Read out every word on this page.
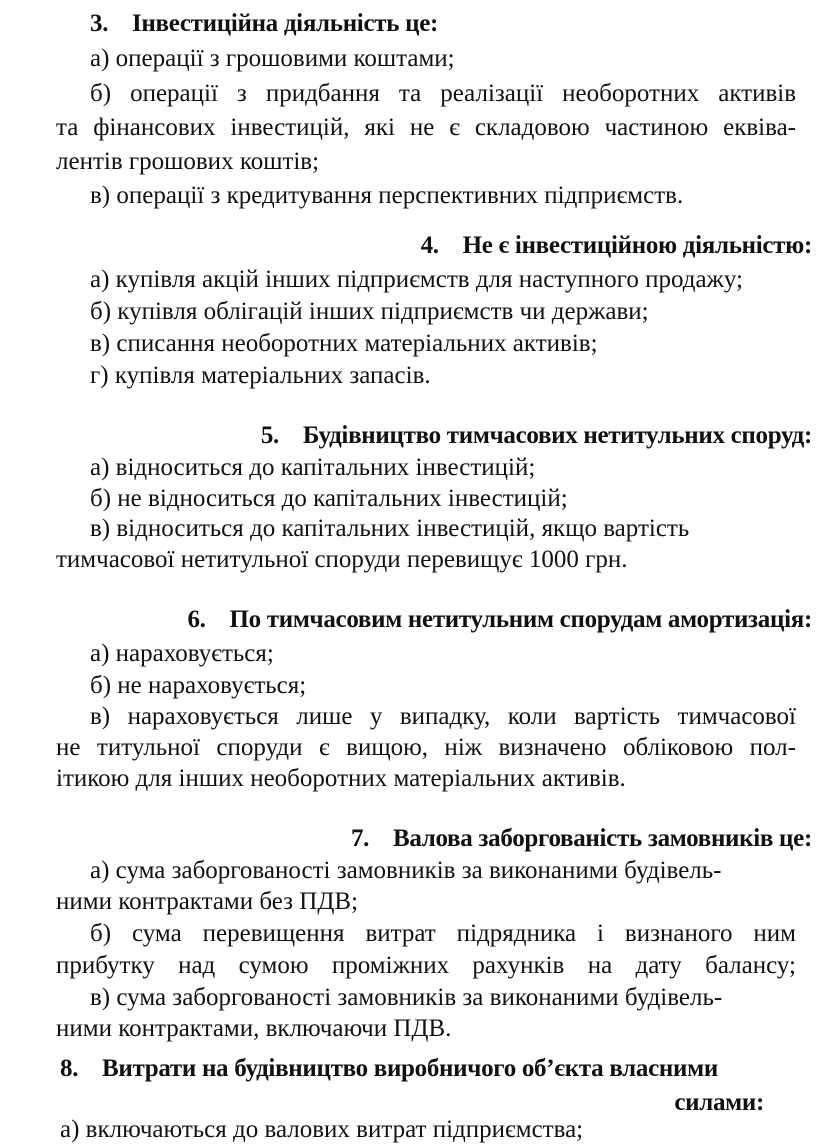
3. Інвестиційна діяльність це:
а) операції з грошовими коштами;
б) операції з придбання та реалізації необоротних активів
та фінансових інвестицій, які не є складовою частиною еквіва-
лентів грошових коштів;
в) операції з кредитування перспективних підприємств.
4. Не є інвестиційною діяльністю:
а) купівля акцій інших підприємств для наступного продажу;
б) купівля облігацій інших підприємств чи держави;
в) списання необоротних матеріальних активів;
г) купівля матеріальних запасів.
5. Будівництво тимчасових нетитульних споруд:
а) відноситься до капітальних інвестицій;
б) не відноситься до капітальних інвестицій;
в) відноситься до капітальних інвестицій, якщо вартість
тимчасової нетитульної споруди перевищує 1000 грн.
6. По тимчасовим нетитульним спорудам амортизація:
а) нараховується;
б) не нараховується;
в) нараховується лише у випадку, коли вартість тимчасової
не титульної споруди є вищою, ніж визначено обліковою пол-
ітикою для інших необоротних матеріальних активів.
7. Валова заборгованість замовників це:
а) сума заборгованості замовників за виконаними будівель-
ними контрактами без ПДВ;
б) сума перевищення витрат підрядника і визнаного ним
прибутку над сумою проміжних рахунків на дату балансу;
в) сума заборгованості замовників за виконаними будівель-
ними контрактами, включаючи ПДВ.
8. Витрати на будівництво виробничого об’єкта власними
силами:
а) включаються до валових витрат підприємства;
